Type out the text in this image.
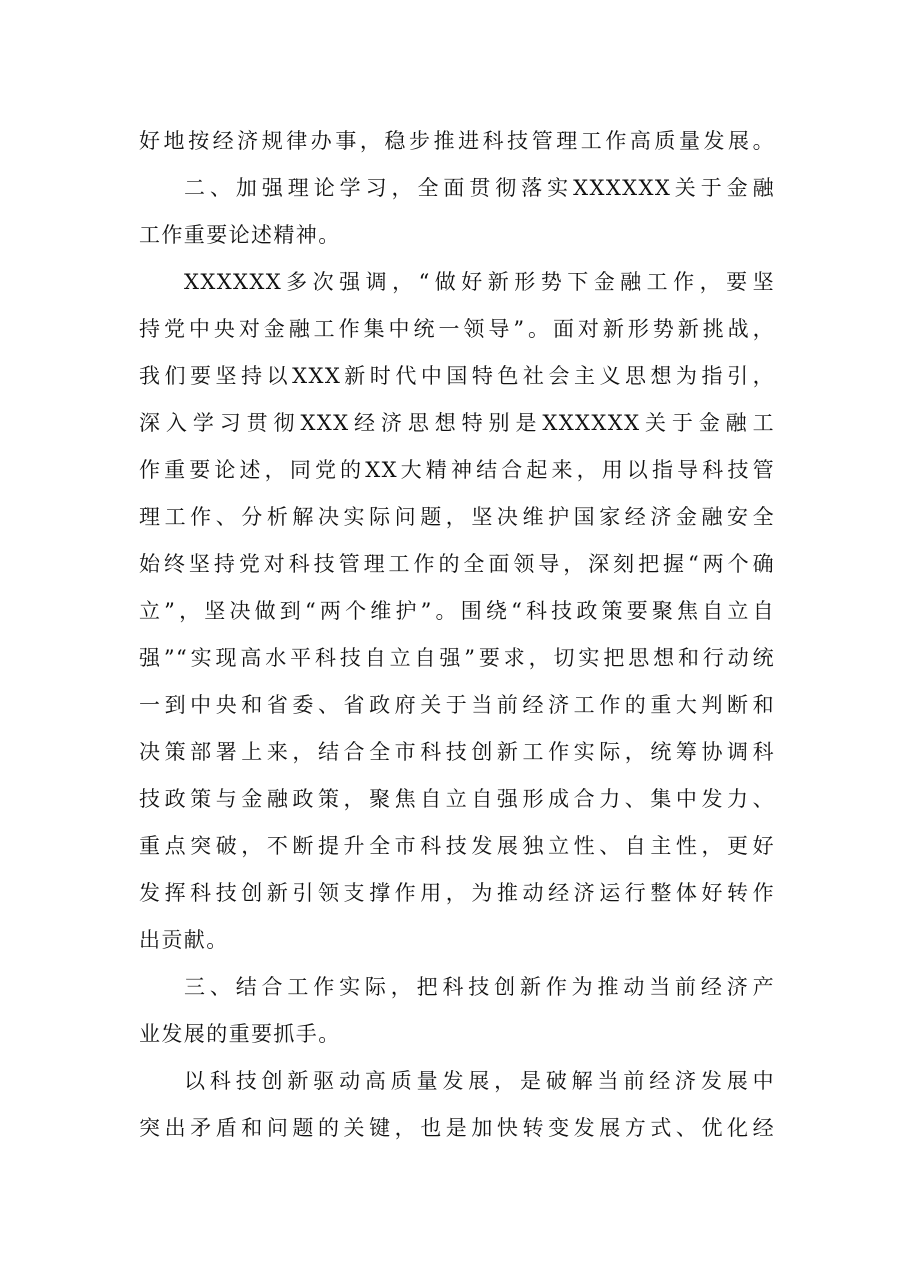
好地按经济规律办事，稳步推进科技管理工作高质量发展。
二、加强理论学习，全面贯彻落实XXXXXX关于金融
工作重要论述精神。
XXXXXX多次强调，“做好新形势下金融工作，要坚
持党中央对金融工作集中统一领导”。面对新形势新挑战，
我们要坚持以XXX新时代中国特色社会主义思想为指引，
深入学习贯彻XXX经济思想特别是XXXXXX关于金融工
作重要论述，同党的XX大精神结合起来，用以指导科技管
理工作、分析解决实际问题，坚决维护国家经济金融安全
始终坚持党对科技管理工作的全面领导，深刻把握“两个确
立”，坚决做到“两个维护”。围绕“科技政策要聚焦自立自
强”“实现高水平科技自立自强”要求，切实把思想和行动统
一到中央和省委、省政府关于当前经济工作的重大判断和
决策部署上来，结合全市科技创新工作实际，统筹协调科
技政策与金融政策，聚焦自立自强形成合力、集中发力、
重点突破，不断提升全市科技发展独立性、自主性，更好
发挥科技创新引领支撑作用，为推动经济运行整体好转作
出贡献。
三、结合工作实际，把科技创新作为推动当前经济产
业发展的重要抓手。
以科技创新驱动高质量发展，是破解当前经济发展中
突出矛盾和问题的关键，也是加快转变发展方式、优化经
